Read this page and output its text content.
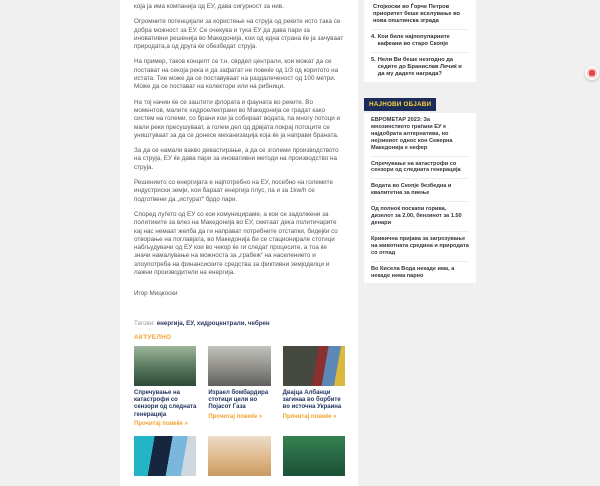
која ја има компанија од ЕУ, дава сигурност за нив.

Огромните потенцијали за користење на струја од реките исто така се добра можност за ЕУ. Се очекува и тука ЕУ да дава пари за иновативни решенија во Македонија, кои од една страна ќе ја зачуваат природата,а од друга ќе обезбедат струја.

На пример, таков концепт се т.н. сврдел централи, кои можат да се постават на секоја река и да зафатат не повеќе од 1/3 од коритото на истата. Тие може да се поставуваат на раздалеченост од 100 метри. Може да се постават на колектори или на рибници.

На тој начин ќе се заштити флората и фауната во реките. Во моментов, малите хидроелектрани во Македонија се градат како систем на големи, со брани кои ја собираат водата, па многу потоци и мали реки пресушуваат, а голем дел од дрвјата покрај потоците се уништуваат за да се донесе механизација која ќе ја направи браната.

За да се намали вакво девастирање, а да се зголеми производството на струја, ЕУ ќе дава пари за иновативни методи на производство на струја.

Решението со енергијата е најпотребно на ЕУ, посебно на големите индустриски земји, кои бараат енергија плус, па и за 1kw/h се подготвени да „истурат“ брдо пари.

Според луѓето од ЕУ со кои комуницираме, а кои се задолжени за политиките за влез на Македонија во ЕУ, сметаат дека политичарите кај нас немаат желба да ги направат потребните отстапки, бидејќи со отворање на поглавјата, во Македонија би се стационирале стотици набљудувачи од ЕУ кои во чекор ќе ги следат процесите, а тоа ќе значи намалување на можноста за „грабеж“ на населението и злоупотреба на финансиските средства за фиктивни земјоделци и лажни производители на енергија.

Игор Мицкоски
Тагови: енергија, ЕУ, хидроцентрали, чебрен
АКТУЕЛНО
Спречување на катастрофи со сензори од следната генерација
Прочитај повеќе »
Израел бомбардира стотици цели во Појасот Газа
Прочитај повеќе »
Двајца Албанци загинаа во борбите во источна Украина
Прочитај повеќе »
Стојкоски во Ѓорче Петров приоритет беше вселување во нова општинска зграда
4. Кои биле најпопуларните кафеани во старо Скопје
5. Нели Ви беше незгодно да седите до Бранислав Лечиќ и да му дадете награда?
НАЈНОВИ ОБЈАВИ
ЕВРОМЕТАР 2023: За мнозинството граѓани ЕУ е најдобрата алтернатива, но нејзиниот однос кон Северна Македонија е нефер
Спречување на катастрофи со сензори од следната генерација
Водата во Скопје безбедна и квалитетна за пиење
Од полноќ поскапи горива, дизелот за 2.00, бензинот за 1.50 денари
Кривична пријава за загрозување на животната средина и природата со отпад
Во Кисела Вода некаде има, а некаде нема парно
